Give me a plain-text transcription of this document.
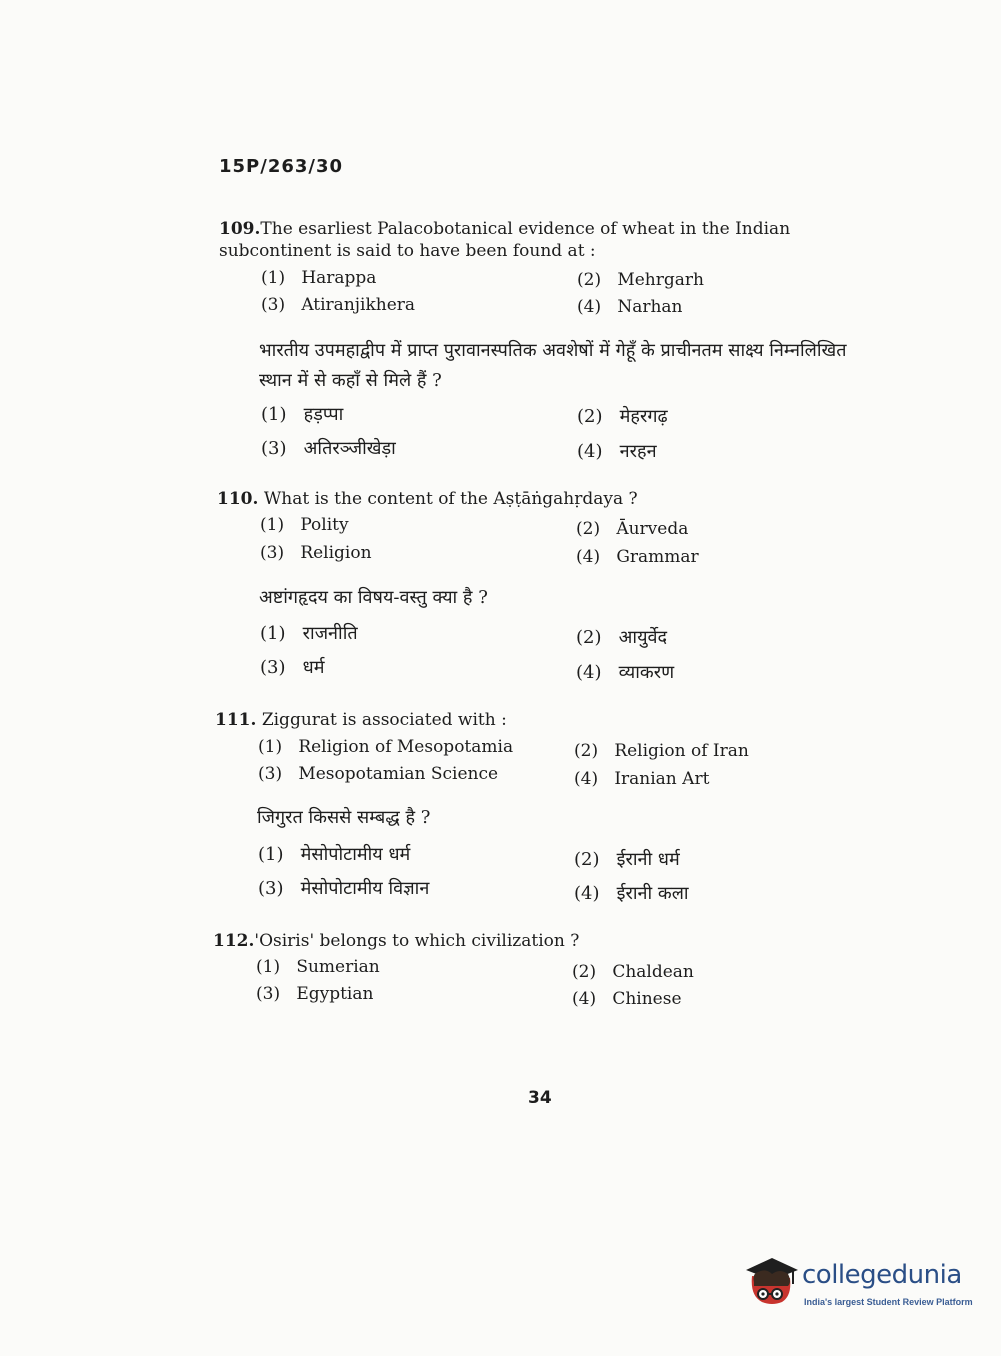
15P/263/30
109.The esarliest Palacobotanical evidence of wheat in the Indian subcontinent is said to have been found at :
(1) Harappa	(2) Mehrgarh
(3) Atiranjikhera	(4) Narhan
भारतीय उपमहाद्वीप में प्राप्त पुरावानस्पतिक अवशेषों में गेहूँ के प्राचीनतम साक्ष्य निम्नलिखित स्थान में से कहाँ से मिले हैं ?
(1) हड़प्पा	(2) मेहरगढ़
(3) अतिरञ्जीखेड़ा	(4) नरहन
110. What is the content of the Aṣṭāṅgahṛdaya ?
(1) Polity	(2) Āurveda
(3) Religion	(4) Grammar
अष्टांगहृदय का विषय-वस्तु क्या है ?
(1) राजनीति	(2) आयुर्वेद
(3) धर्म	(4) व्याकरण
111. Ziggurat is associated with :
(1) Religion of Mesopotamia	(2) Religion of Iran
(3) Mesopotamian Science	(4) Iranian Art
जिगुरत किससे सम्बद्ध है ?
(1) मेसोपोटामीय धर्म	(2) ईरानी धर्म
(3) मेसोपोटामीय विज्ञान	(4) ईरानी कला
112.'Osiris' belongs to which civilization ?
(1) Sumerian	(2) Chaldean
(3) Egyptian	(4) Chinese
34
collegedunia
India's largest Student Review Platform
